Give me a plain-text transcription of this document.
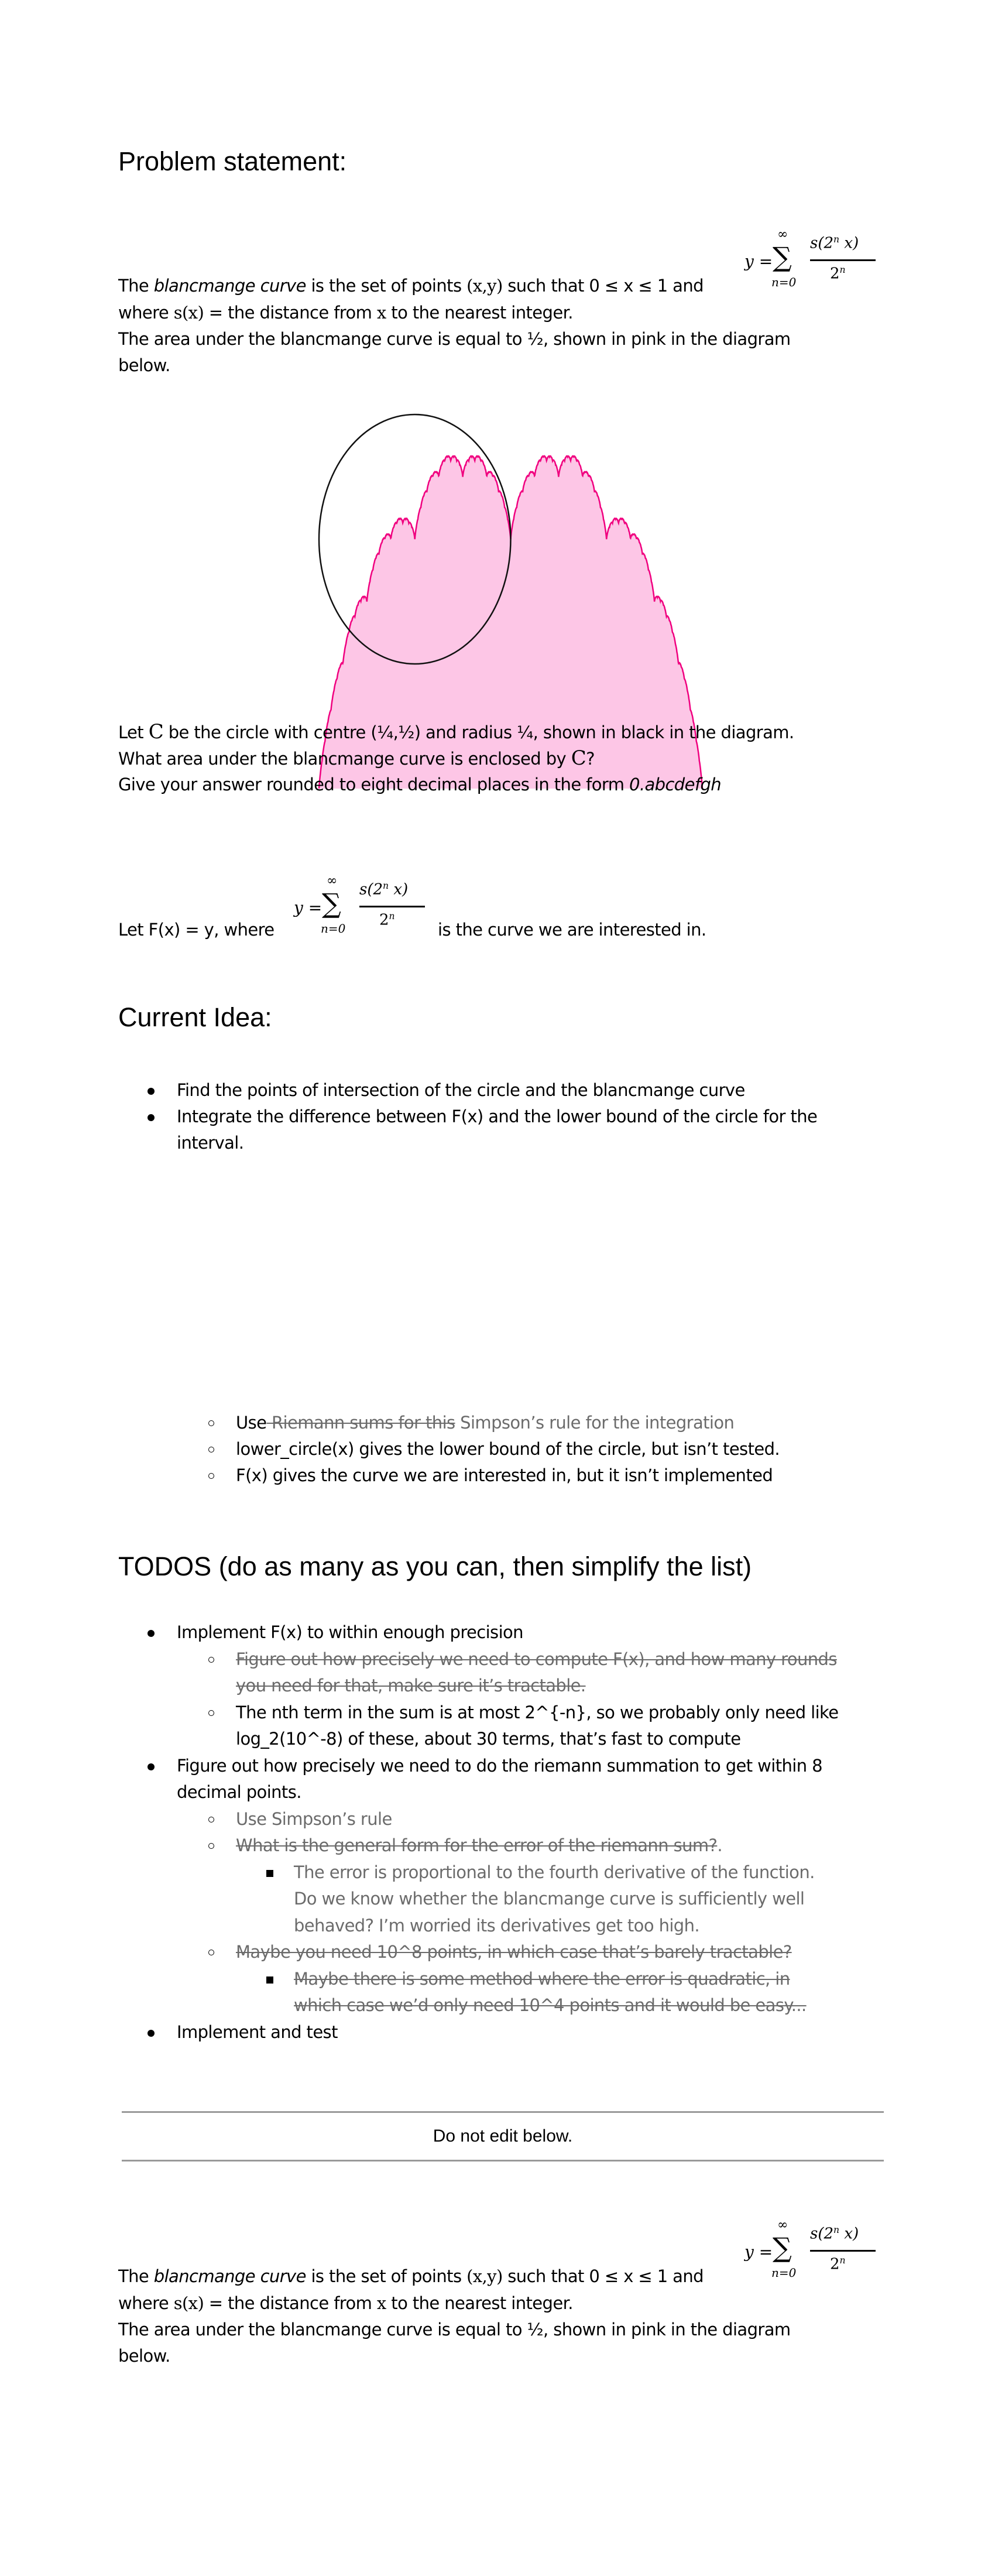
Problem statement:
y =
∞
∑
n=0
s(2$^n$ x)
2$^n$
The blancmange curve is the set of points (x,y) such that 0 ≤ x ≤ 1 and
where s(x) = the distance from x to the nearest integer.
The area under the blancmange curve is equal to ½, shown in pink in the diagram
below.
Let C be the circle with centre (¼,½) and radius ¼, shown in black in the diagram.
What area under the blancmange curve is enclosed by C?
Give your answer rounded to eight decimal places in the form 0.abcdefgh
y =
∞
∑
n=0
s(2$^n$ x)
2$^n$
Let F(x) = y, where	is the curve we are interested in.
Current Idea:
Find the points of intersection of the circle and the blancmange curve
Integrate the difference between F(x) and the lower bound of the circle for the
interval.
Use Riemann sums for this Simpson’s rule for the integration
lower_circle(x) gives the lower bound of the circle, but isn’t tested.
F(x) gives the curve we are interested in, but it isn’t implemented
TODOS (do as many as you can, then simplify the list)
Implement F(x) to within enough precision
Figure out how precisely we need to compute F(x), and how many rounds
you need for that, make sure it’s tractable.
The nth term in the sum is at most 2^{-n}, so we probably only need like
log_2(10^-8) of these, about 30 terms, that’s fast to compute
Figure out how precisely we need to do the riemann summation to get within 8
decimal points.
Use Simpson’s rule
What is the general form for the error of the riemann sum?.
The error is proportional to the fourth derivative of the function.
Do we know whether the blancmange curve is sufficiently well
behaved? I’m worried its derivatives get too high.
Maybe you need 10^8 points, in which case that’s barely tractable?
Maybe there is some method where the error is quadratic, in
which case we’d only need 10^4 points and it would be easy...
Implement and test
Do not edit below.
y =
∞
∑
n=0
s(2$^n$ x)
2$^n$
The blancmange curve is the set of points (x,y) such that 0 ≤ x ≤ 1 and
where s(x) = the distance from x to the nearest integer.
The area under the blancmange curve is equal to ½, shown in pink in the diagram
below.
